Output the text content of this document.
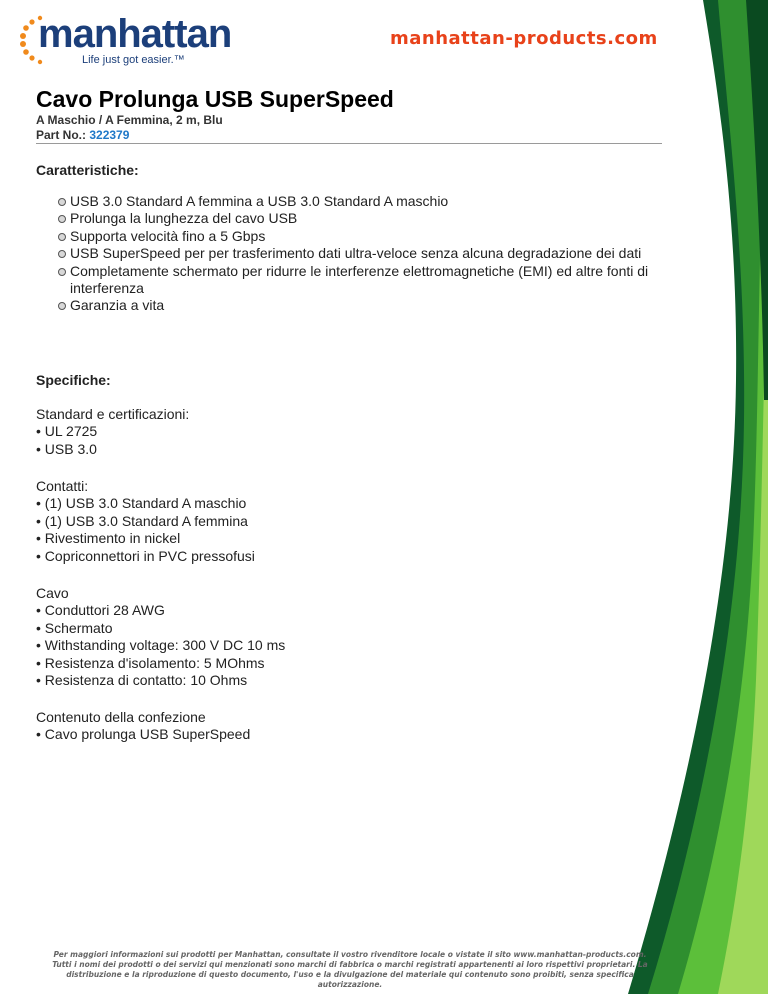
manhattan
Life just got easier.™
manhattan-products.com
Cavo Prolunga USB SuperSpeed
A Maschio / A Femmina, 2 m, Blu
Part No.: 322379
Caratteristiche:
USB 3.0 Standard A femmina a USB 3.0 Standard A maschio
Prolunga la lunghezza del cavo USB
Supporta velocità fino a 5 Gbps
USB SuperSpeed per per trasferimento dati ultra-veloce senza alcuna degradazione dei dati
Completamente schermato per ridurre le interferenze elettromagnetiche (EMI) ed altre fonti di interferenza
Garanzia a vita
Specifiche:
Standard e certificazioni:
• UL 2725
• USB 3.0
Contatti:
• (1) USB 3.0 Standard A maschio
• (1) USB 3.0 Standard A femmina
• Rivestimento in nickel
• Copriconnettori in PVC pressofusi
Cavo
• Conduttori 28 AWG
• Schermato
• Withstanding voltage: 300 V DC 10 ms
• Resistenza d'isolamento: 5 MOhms
• Resistenza di contatto: 10 Ohms
Contenuto della confezione
• Cavo prolunga USB SuperSpeed
Per maggiori informazioni sui prodotti per Manhattan, consultate il vostro rivenditore locale o vistate il sito www.manhattan-products.com.
Tutti i nomi dei prodotti o dei servizi qui menzionati sono marchi di fabbrica o marchi registrati appartenenti ai loro rispettivi proprietari. La
distribuzione e la riproduzione di questo documento, l'uso e la divulgazione del materiale qui contenuto sono proibiti, senza specifica
autorizzazione.
